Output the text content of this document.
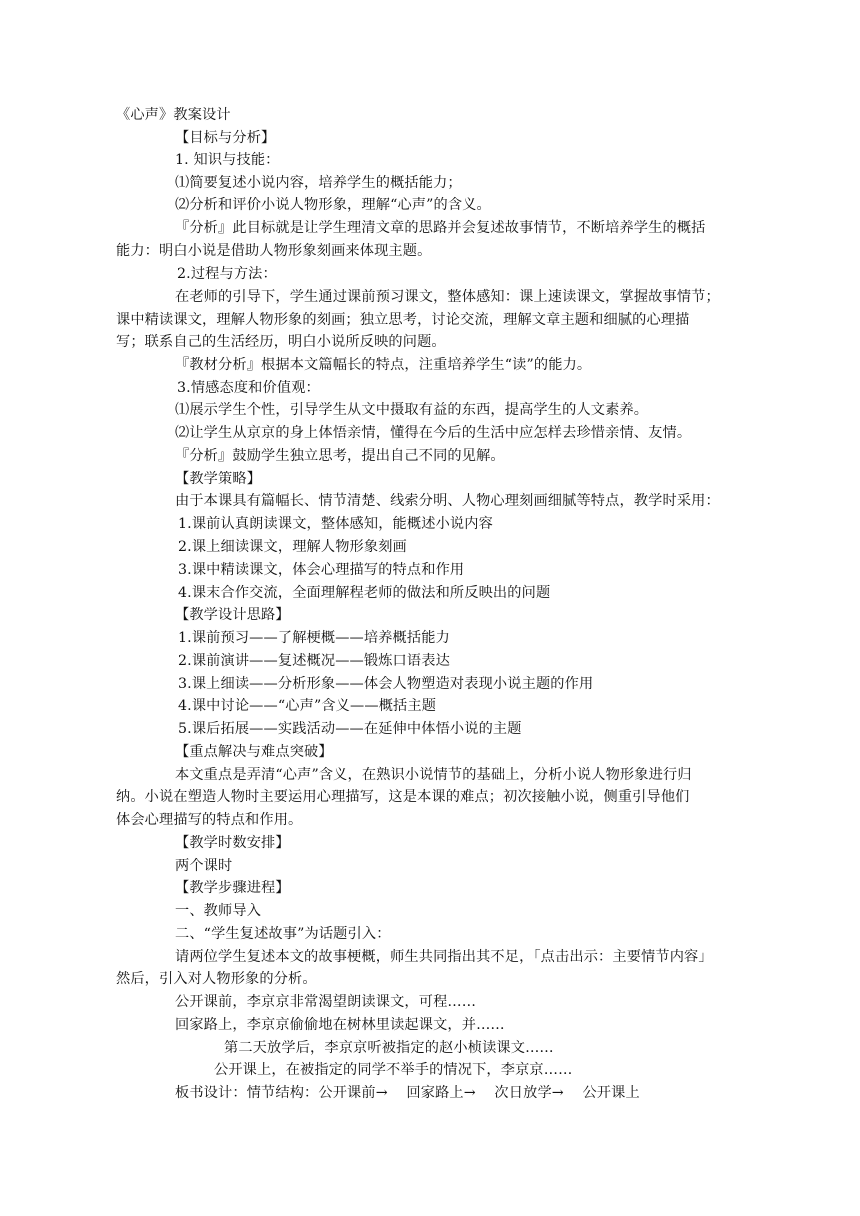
《心声》教案设计
【目标与分析】
1. 知识与技能：
⑴简要复述小说内容，培养学生的概括能力；
⑵分析和评价小说人物形象，理解“心声”的含义。
『分析』此目标就是让学生理清文章的思路并会复述故事情节，不断培养学生的概括
能力：明白小说是借助人物形象刻画来体现主题。
2.过程与方法：
在老师的引导下，学生通过课前预习课文，整体感知：课上速读课文，掌握故事情节；
课中精读课文，理解人物形象的刻画；独立思考，讨论交流，理解文章主题和细腻的心理描
写；联系自己的生活经历，明白小说所反映的问题。
『教材分析』根据本文篇幅长的特点，注重培养学生“读”的能力。
3.情感态度和价值观：
⑴展示学生个性，引导学生从文中摄取有益的东西，提高学生的人文素养。
⑵让学生从京京的身上体悟亲情，懂得在今后的生活中应怎样去珍惜亲情、友情。
『分析』鼓励学生独立思考，提出自己不同的见解。
【教学策略】
由于本课具有篇幅长、情节清楚、线索分明、人物心理刻画细腻等特点，教学时采用：
1.课前认真朗读课文，整体感知，能概述小说内容
2.课上细读课文，理解人物形象刻画
3.课中精读课文，体会心理描写的特点和作用
4.课末合作交流，全面理解程老师的做法和所反映出的问题
【教学设计思路】
1.课前预习——了解梗概——培养概括能力
2.课前演讲——复述概况——锻炼口语表达
3.课上细读——分析形象——体会人物塑造对表现小说主题的作用
4.课中讨论——“心声”含义——概括主题
5.课后拓展——实践活动——在延伸中体悟小说的主题
【重点解决与难点突破】
本文重点是弄清“心声”含义，在熟识小说情节的基础上，分析小说人物形象进行归
纳。小说在塑造人物时主要运用心理描写，这是本课的难点；初次接触小说，侧重引导他们
体会心理描写的特点和作用。
【教学时数安排】
两个课时
【教学步骤进程】
一、教师导入
二、“学生复述故事”为话题引入：
请两位学生复述本文的故事梗概，师生共同指出其不足，「点击出示：主要情节内容」
然后，引入对人物形象的分析。
公开课前，李京京非常渴望朗读课文，可程……
回家路上，李京京偷偷地在树林里读起课文，并……
第二天放学后，李京京听被指定的赵小桢读课文……
公开课上，在被指定的同学不举手的情况下，李京京……
板书设计：情节结构：公开课前→    回家路上→    次日放学→    公开课上
